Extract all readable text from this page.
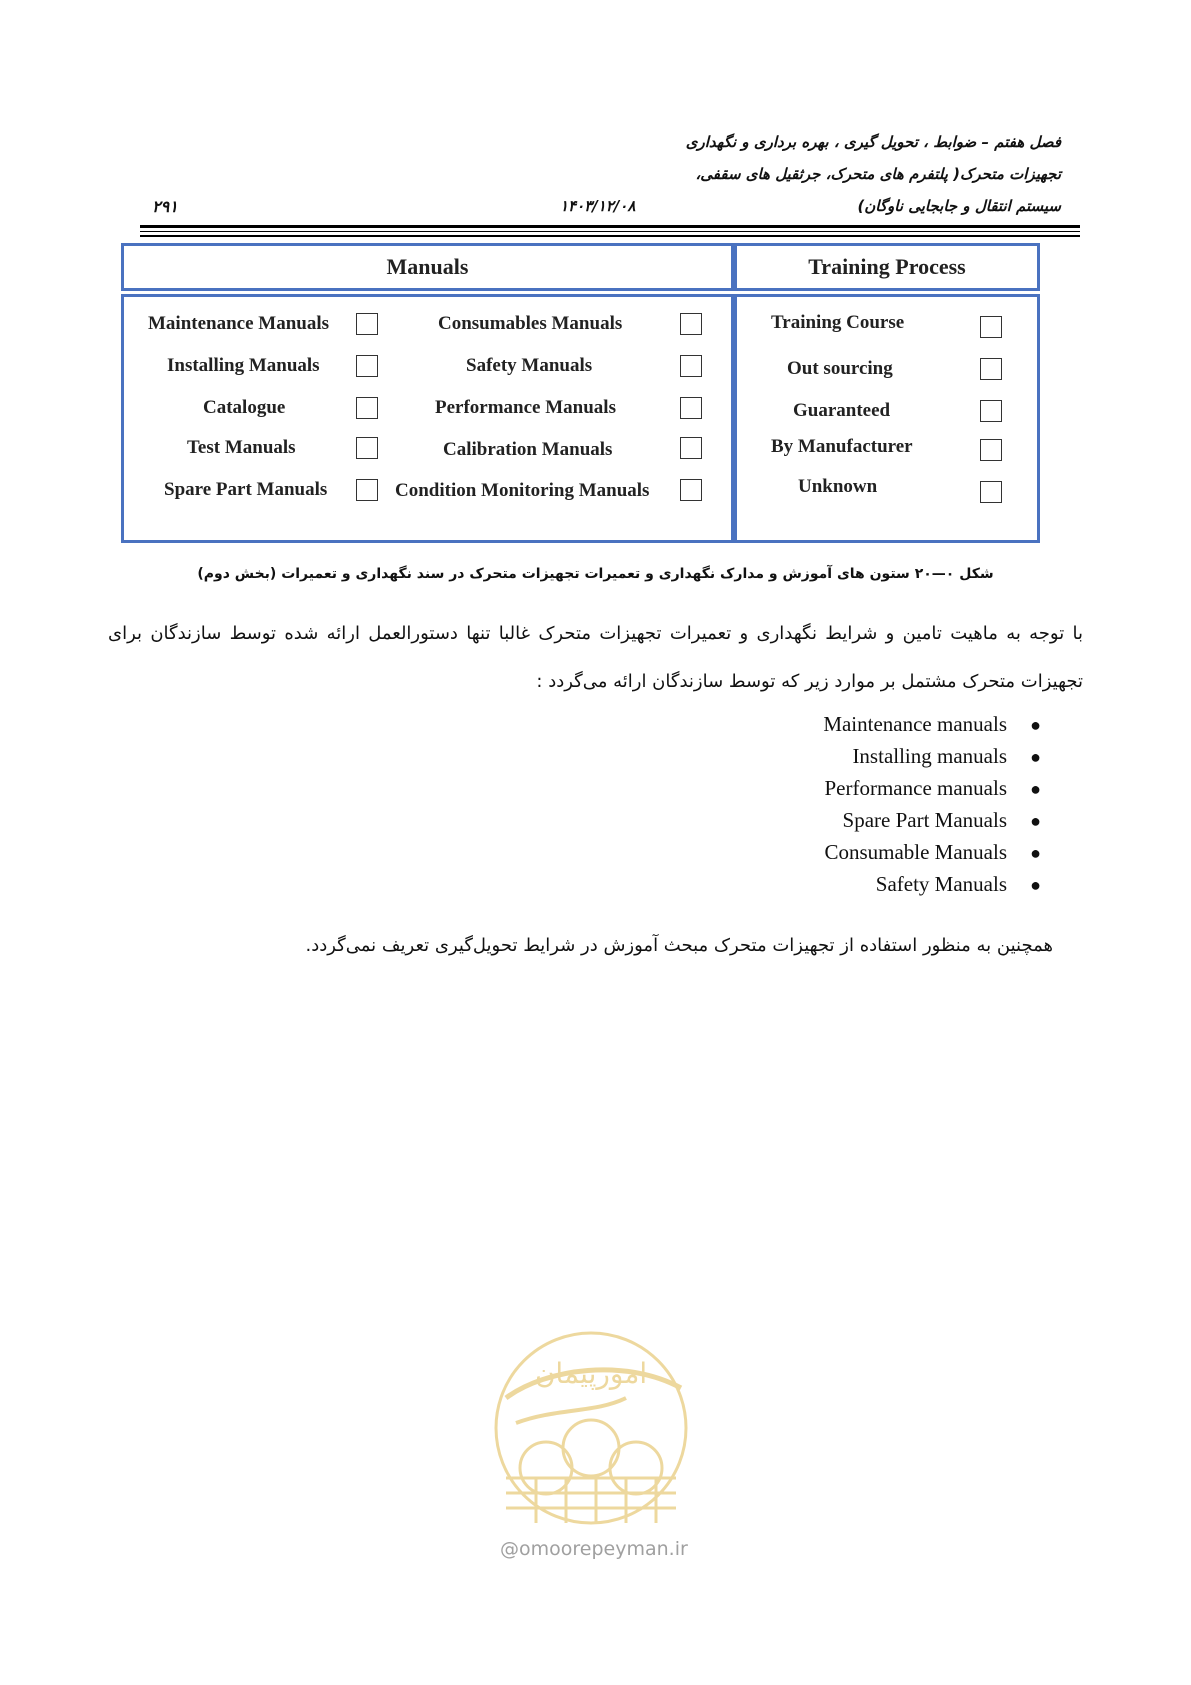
فصل هفتم – ضوابط ، تحویل گیری ، بهره برداری و نگهداری
تجهیزات متحرک( پلتفرم های متحرک، جرثقیل های سقفی،
سیستم انتقال و جابجایی ناوگان)
۲۹۱	۱۴۰۳/۱۲/۰۸
Manuals	Training Process
Maintenance Manuals
Installing Manuals
Catalogue
Test Manuals
Spare Part Manuals
Consumables Manuals
Safety Manuals
Performance Manuals
Calibration Manuals
Condition Monitoring Manuals
Training Course
Out sourcing
Guaranteed
By Manufacturer
Unknown
شکل ۰—۲۰ ستون های آموزش و مدارک نگهداری و تعمیرات تجهیزات متحرک در سند نگهداری و تعمیرات (بخش دوم)
با توجه به ماهیت تامین و شرایط نگهداری و تعمیرات تجهیزات متحرک غالبا تنها دستورالعمل ارائه شده توسط سازندگان برای تجهیزات متحرک مشتمل بر موارد زیر که توسط سازندگان ارائه می‌گردد :
Maintenance manuals ●
Installing manuals ●
Performance manuals ●
Spare Part Manuals ●
Consumable Manuals ●
Safety Manuals ●
همچنین به منظور استفاده از تجهیزات متحرک مبحث آموزش در شرایط تحویل‌گیری تعریف نمی‌گردد.
امورپیمان
@omoorepeyman.ir
